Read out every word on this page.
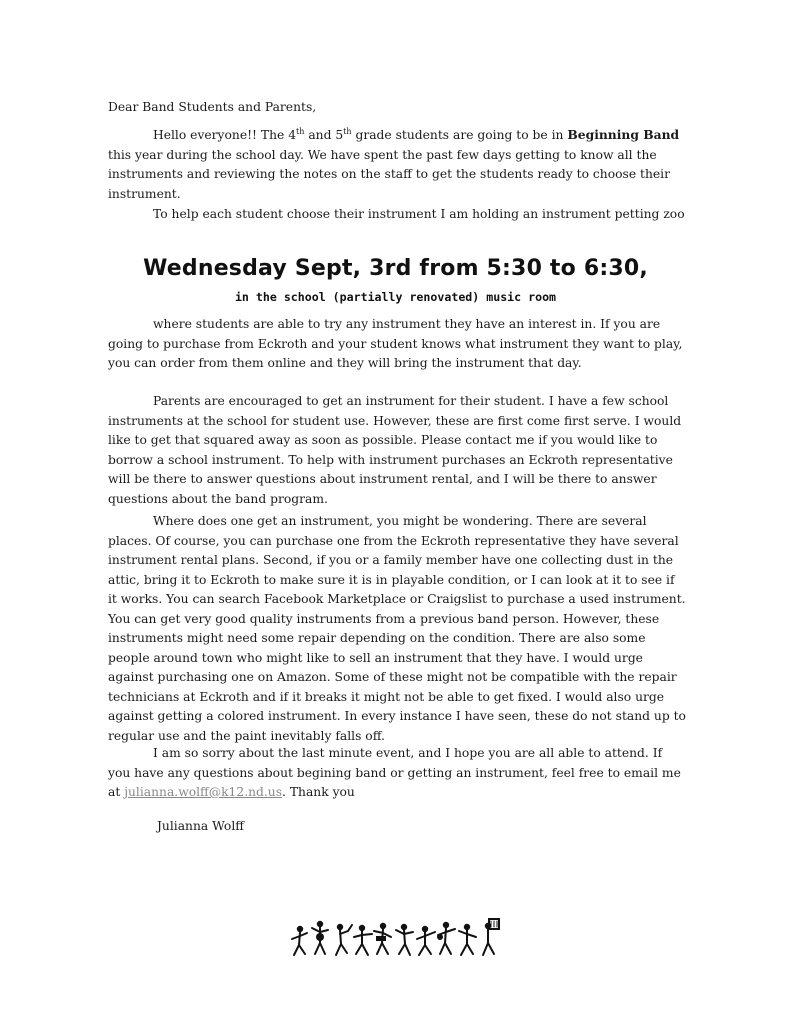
Dear Band Students and Parents,

Hello everyone!! The 4th and 5th grade students are going to be in Beginning Band this year during the school day. We have spent the past few days getting to know all the instruments and reviewing the notes on the staff to get the students ready to choose their instrument.

To help each student choose their instrument I am holding an instrument petting zoo

Wednesday Sept, 3rd from 5:30 to 6:30,
in the school (partially renovated) music room

where students are able to try any instrument they have an interest in. If you are going to purchase from Eckroth and your student knows what instrument they want to play, you can order from them online and they will bring the instrument that day.

Parents are encouraged to get an instrument for their student. I have a few school instruments at the school for student use. However, these are first come first serve. I would like to get that squared away as soon as possible. Please contact me if you would like to borrow a school instrument. To help with instrument purchases an Eckroth representative will be there to answer questions about instrument rental, and I will be there to answer questions about the band program.

Where does one get an instrument, you might be wondering. There are several places. Of course, you can purchase one from the Eckroth representative they have several instrument rental plans. Second, if you or a family member have one collecting dust in the attic, bring it to Eckroth to make sure it is in playable condition, or I can look at it to see if it works. You can search Facebook Marketplace or Craigslist to purchase a used instrument. You can get very good quality instruments from a previous band person. However, these instruments might need some repair depending on the condition. There are also some people around town who might like to sell an instrument that they have. I would urge against purchasing one on Amazon. Some of these might not be compatible with the repair technicians at Eckroth and if it breaks it might not be able to get fixed. I would also urge against getting a colored instrument. In every instance I have seen, these do not stand up to regular use and the paint inevitably falls off.

I am so sorry about the last minute event, and I hope you are all able to attend. If you have any questions about begining band or getting an instrument, feel free to email me at julianna.wolff@k12.nd.us. Thank you

Julianna Wolff
